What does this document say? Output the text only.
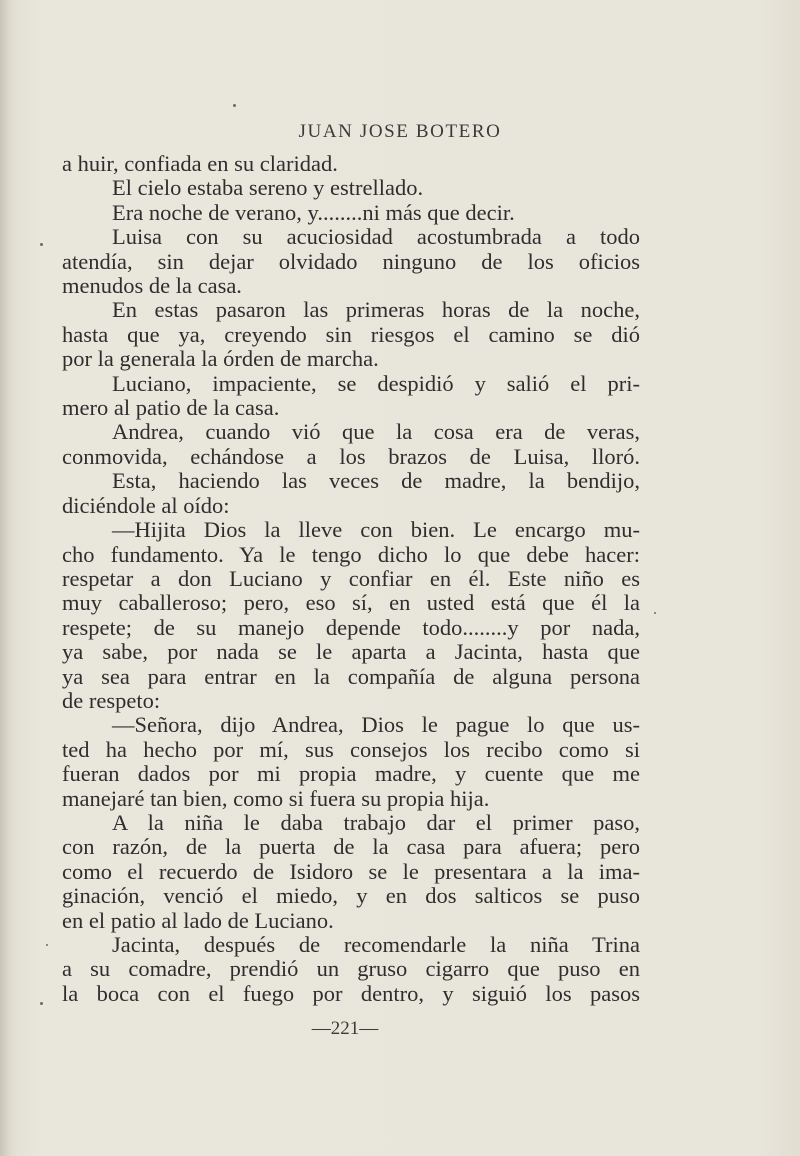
JUAN JOSE BOTERO
a huir, confiada en su claridad.
El cielo estaba sereno y estrellado.
Era noche de verano, y........ni más que decir.
Luisa con su acuciosidad acostumbrada a todo
atendía, sin dejar olvidado ninguno de los oficios
menudos de la casa.
En estas pasaron las primeras horas de la noche,
hasta que ya, creyendo sin riesgos el camino se dió
por la generala la órden de marcha.
Luciano, impaciente, se despidió y salió el pri-
mero al patio de la casa.
Andrea, cuando vió que la cosa era de veras,
conmovida, echándose a los brazos de Luisa, lloró.
Esta, haciendo las veces de madre, la bendijo,
diciéndole al oído:
—Hijita Dios la lleve con bien. Le encargo mu-
cho fundamento. Ya le tengo dicho lo que debe hacer:
respetar a don Luciano y confiar en él. Este niño es
muy caballeroso; pero, eso sí, en usted está que él la
respete; de su manejo depende todo........y por nada,
ya sabe, por nada se le aparta a Jacinta, hasta que
ya sea para entrar en la compañía de alguna persona
de respeto:
—Señora, dijo Andrea, Dios le pague lo que us-
ted ha hecho por mí, sus consejos los recibo como si
fueran dados por mi propia madre, y cuente que me
manejaré tan bien, como si fuera su propia hija.
A la niña le daba trabajo dar el primer paso,
con razón, de la puerta de la casa para afuera; pero
como el recuerdo de Isidoro se le presentara a la ima-
ginación, venció el miedo, y en dos salticos se puso
en el patio al lado de Luciano.
Jacinta, después de recomendarle la niña Trina
a su comadre, prendió un gruso cigarro que puso en
la boca con el fuego por dentro, y siguió los pasos
—221—
